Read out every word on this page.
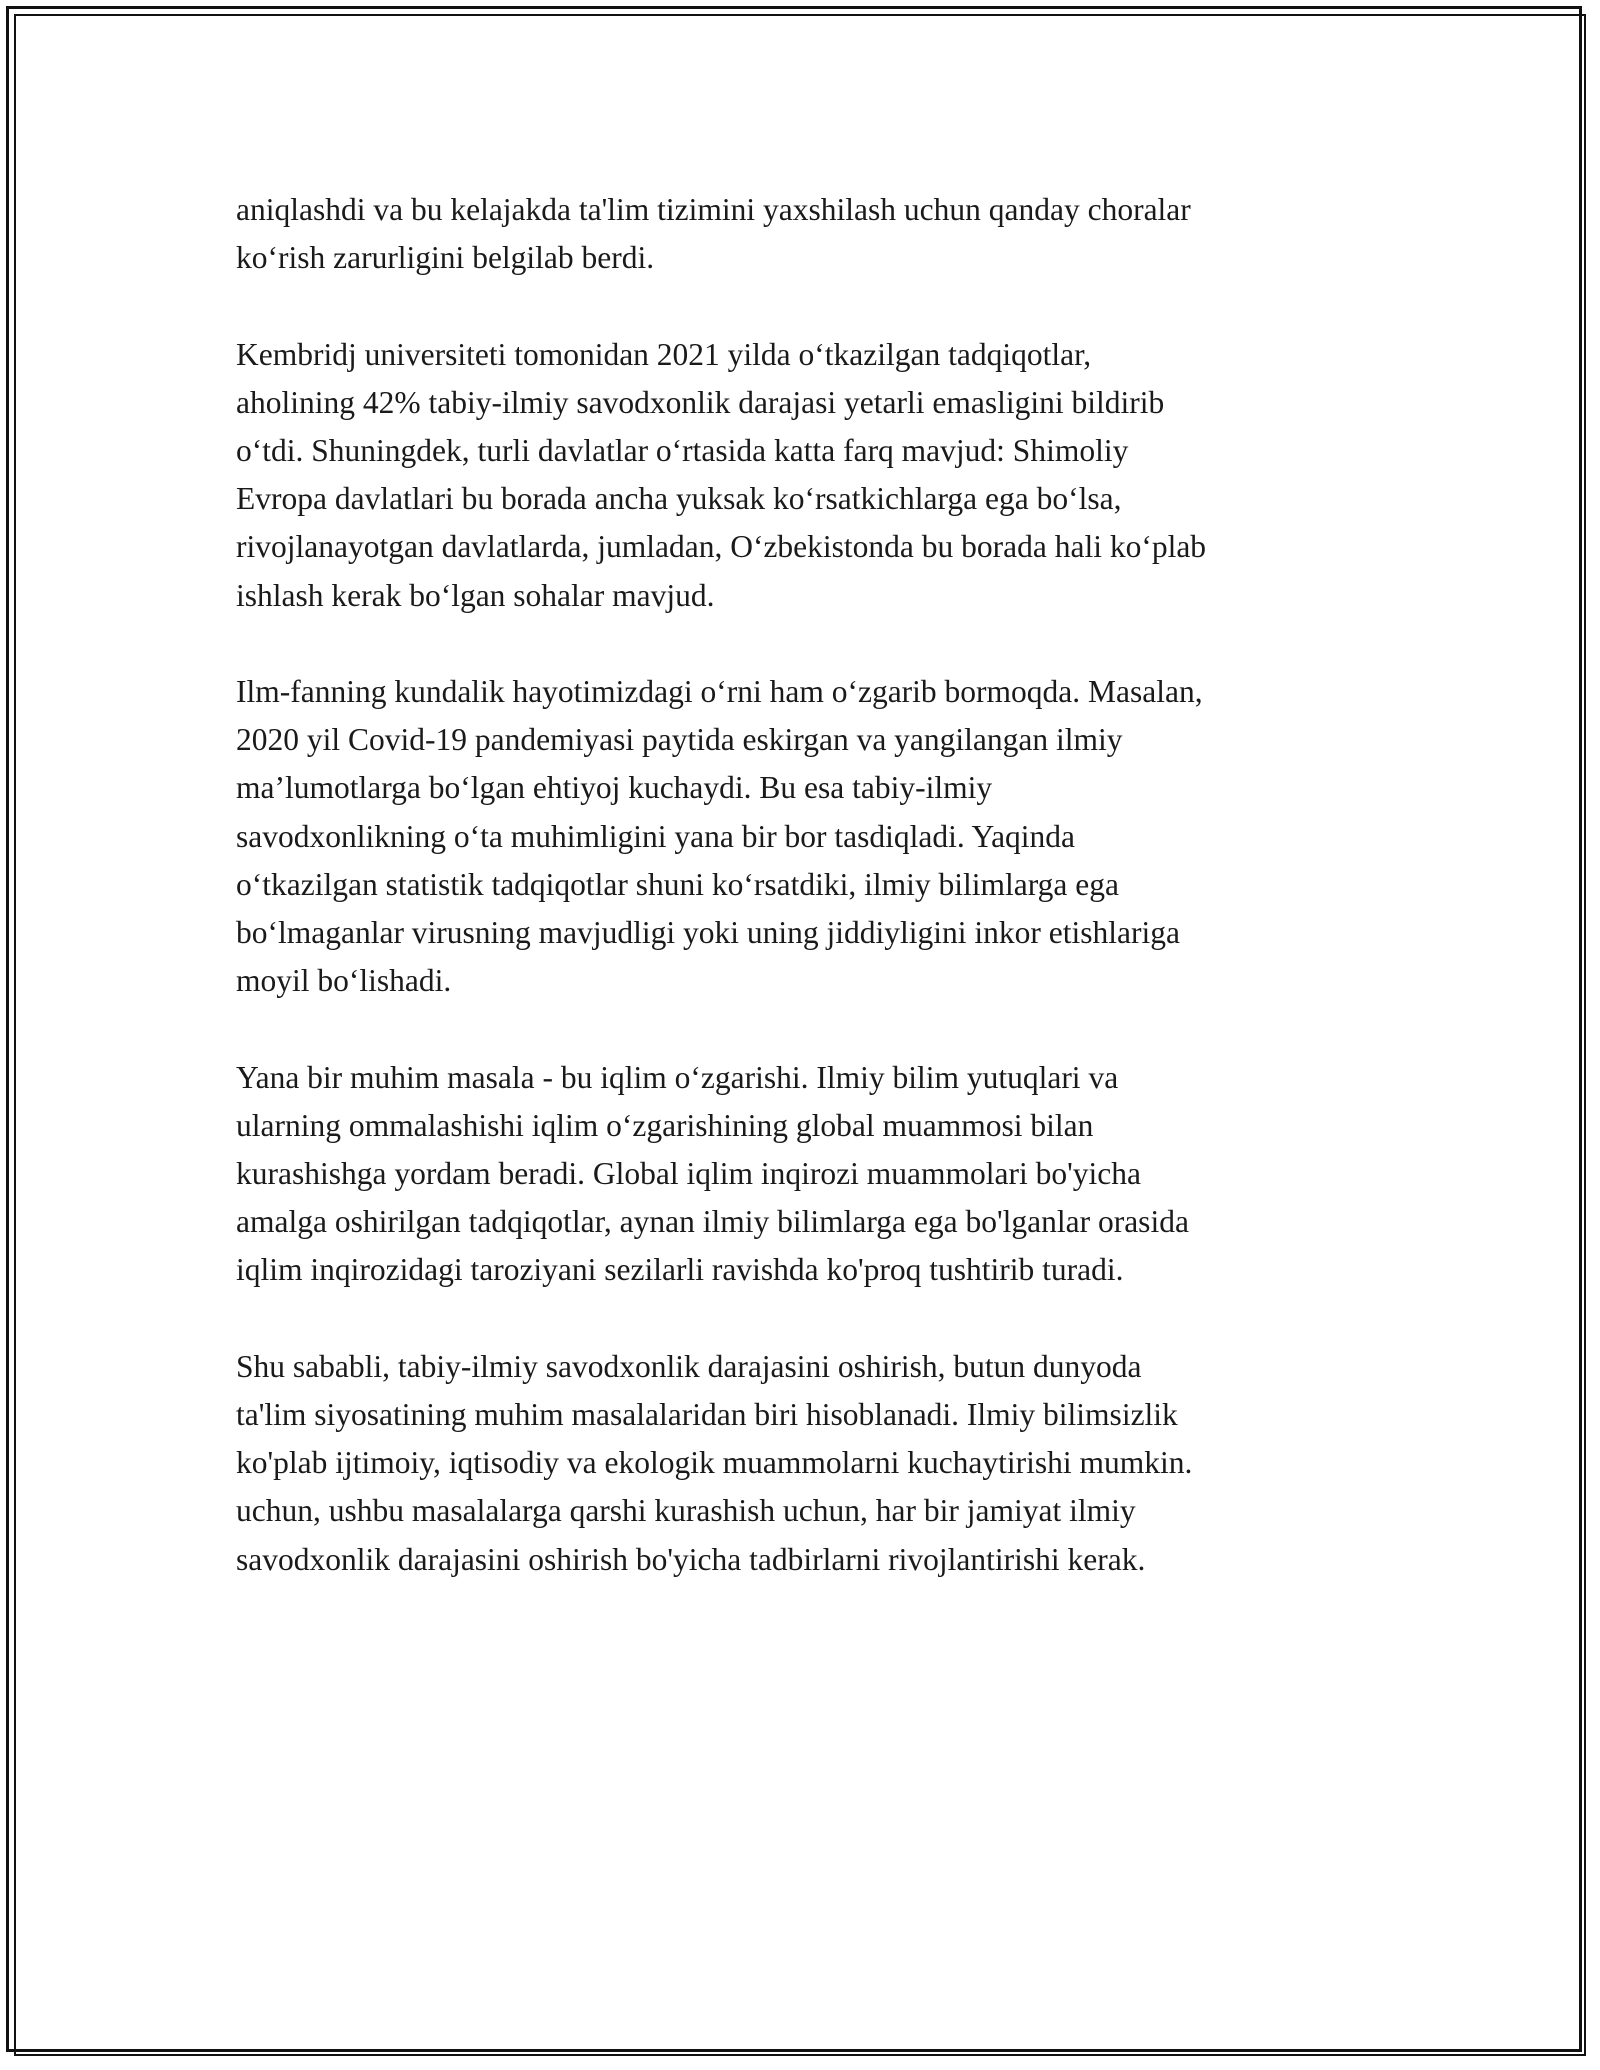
aniqlashdi va bu kelajakda ta'lim tizimini yaxshilash uchun qanday choralar
ko‘rish zarurligini belgilab berdi.

Kembridj universiteti tomonidan 2021 yilda o‘tkazilgan tadqiqotlar,
aholining 42% tabiy-ilmiy savodxonlik darajasi yetarli emasligini bildirib
o‘tdi. Shuningdek, turli davlatlar o‘rtasida katta farq mavjud: Shimoliy
Evropa davlatlari bu borada ancha yuksak ko‘rsatkichlarga ega bo‘lsa,
rivojlanayotgan davlatlarda, jumladan, O‘zbekistonda bu borada hali ko‘plab
ishlash kerak bo‘lgan sohalar mavjud.

Ilm-fanning kundalik hayotimizdagi o‘rni ham o‘zgarib bormoqda. Masalan,
2020 yil Covid-19 pandemiyasi paytida eskirgan va yangilangan ilmiy
ma’lumotlarga bo‘lgan ehtiyoj kuchaydi. Bu esa tabiy-ilmiy
savodxonlikning o‘ta muhimligini yana bir bor tasdiqladi. Yaqinda
o‘tkazilgan statistik tadqiqotlar shuni ko‘rsatdiki, ilmiy bilimlarga ega
bo‘lmaganlar virusning mavjudligi yoki uning jiddiyligini inkor etishlariga
moyil bo‘lishadi.

Yana bir muhim masala - bu iqlim o‘zgarishi. Ilmiy bilim yutuqlari va
ularning ommalashishi iqlim o‘zgarishining global muammosi bilan
kurashishga yordam beradi. Global iqlim inqirozi muammolari bo'yicha
amalga oshirilgan tadqiqotlar, aynan ilmiy bilimlarga ega bo'lganlar orasida
iqlim inqirozidagi taroziyani sezilarli ravishda ko'proq tushtirib turadi.

Shu sababli, tabiy-ilmiy savodxonlik darajasini oshirish, butun dunyoda
ta'lim siyosatining muhim masalalaridan biri hisoblanadi. Ilmiy bilimsizlik
ko'plab ijtimoiy, iqtisodiy va ekologik muammolarni kuchaytirishi mumkin.
uchun, ushbu masalalarga qarshi kurashish uchun, har bir jamiyat ilmiy
savodxonlik darajasini oshirish bo'yicha tadbirlarni rivojlantirishi kerak.
